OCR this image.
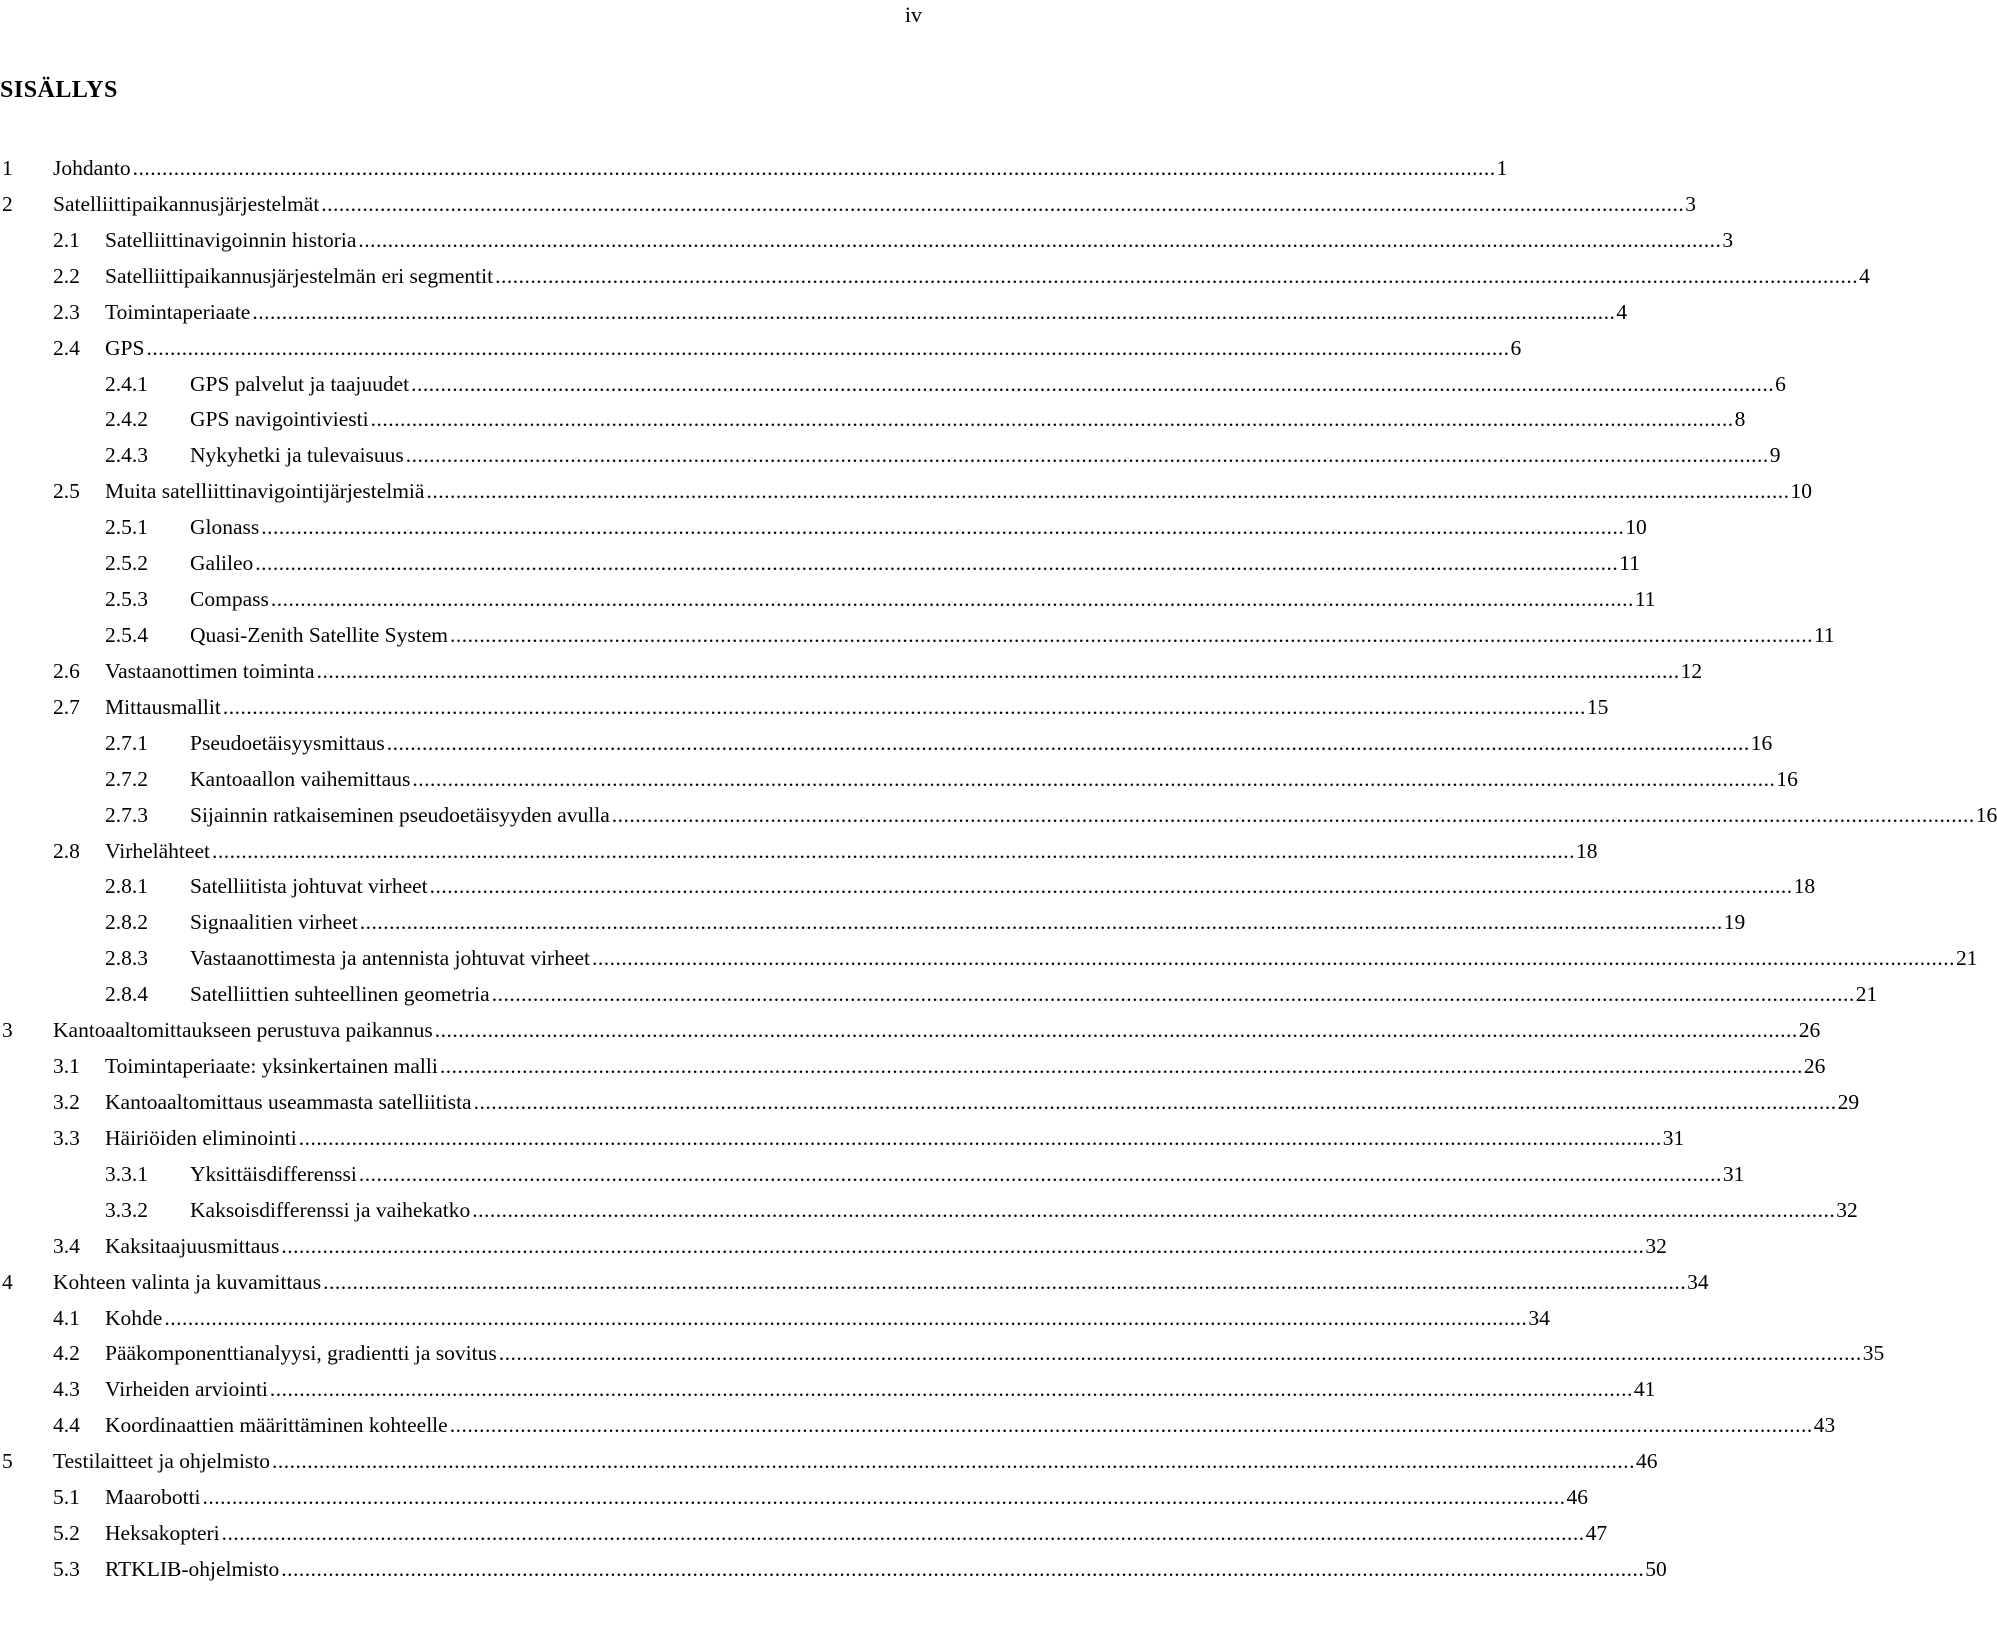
iv
SISÄLLYS
1 Johdanto ........................................................................................................................................................................................................................................ 1
2 Satelliittipaikannusjärjestelmät ........................................................................................................................................................................................................................................ 3
2.1 Satelliittinavigoinnin historia ........................................................................................................................................................................................................................................ 3
2.2 Satelliittipaikannusjärjestelmän eri segmentit ........................................................................................................................................................................................................................................ 4
2.3 Toimintaperiaate ........................................................................................................................................................................................................................................ 4
2.4 GPS ........................................................................................................................................................................................................................................ 6
2.4.1 GPS palvelut ja taajuudet ........................................................................................................................................................................................................................................ 6
2.4.2 GPS navigointiviesti ........................................................................................................................................................................................................................................ 8
2.4.3 Nykyhetki ja tulevaisuus ........................................................................................................................................................................................................................................ 9
2.5 Muita satelliittinavigointijärjestelmiä ........................................................................................................................................................................................................................................ 10
2.5.1 Glonass ........................................................................................................................................................................................................................................ 10
2.5.2 Galileo ........................................................................................................................................................................................................................................ 11
2.5.3 Compass ........................................................................................................................................................................................................................................ 11
2.5.4 Quasi-Zenith Satellite System ........................................................................................................................................................................................................................................ 11
2.6 Vastaanottimen toiminta ........................................................................................................................................................................................................................................ 12
2.7 Mittausmallit ........................................................................................................................................................................................................................................ 15
2.7.1 Pseudoetäisyysmittaus ........................................................................................................................................................................................................................................ 16
2.7.2 Kantoaallon vaihemittaus ........................................................................................................................................................................................................................................ 16
2.7.3 Sijainnin ratkaiseminen pseudoetäisyyden avulla ........................................................................................................................................................................................................................................ 16
2.8 Virhelähteet ........................................................................................................................................................................................................................................ 18
2.8.1 Satelliitista johtuvat virheet ........................................................................................................................................................................................................................................ 18
2.8.2 Signaalitien virheet ........................................................................................................................................................................................................................................ 19
2.8.3 Vastaanottimesta ja antennista johtuvat virheet ........................................................................................................................................................................................................................................ 21
2.8.4 Satelliittien suhteellinen geometria ........................................................................................................................................................................................................................................ 21
3 Kantoaaltomittaukseen perustuva paikannus ........................................................................................................................................................................................................................................ 26
3.1 Toimintaperiaate: yksinkertainen malli ........................................................................................................................................................................................................................................ 26
3.2 Kantoaaltomittaus useammasta satelliitista ........................................................................................................................................................................................................................................ 29
3.3 Häiriöiden eliminointi ........................................................................................................................................................................................................................................ 31
3.3.1 Yksittäisdifferenssi ........................................................................................................................................................................................................................................ 31
3.3.2 Kaksoisdifferenssi ja vaihekatko ........................................................................................................................................................................................................................................ 32
3.4 Kaksitaajuusmittaus ........................................................................................................................................................................................................................................ 32
4 Kohteen valinta ja kuvamittaus ........................................................................................................................................................................................................................................ 34
4.1 Kohde ........................................................................................................................................................................................................................................ 34
4.2 Pääkomponenttianalyysi, gradientti ja sovitus ........................................................................................................................................................................................................................................ 35
4.3 Virheiden arviointi ........................................................................................................................................................................................................................................ 41
4.4 Koordinaattien määrittäminen kohteelle ........................................................................................................................................................................................................................................ 43
5 Testilaitteet ja ohjelmisto ........................................................................................................................................................................................................................................ 46
5.1 Maarobotti ........................................................................................................................................................................................................................................ 46
5.2 Heksakopteri ........................................................................................................................................................................................................................................ 47
5.3 RTKLIB-ohjelmisto ........................................................................................................................................................................................................................................ 50
